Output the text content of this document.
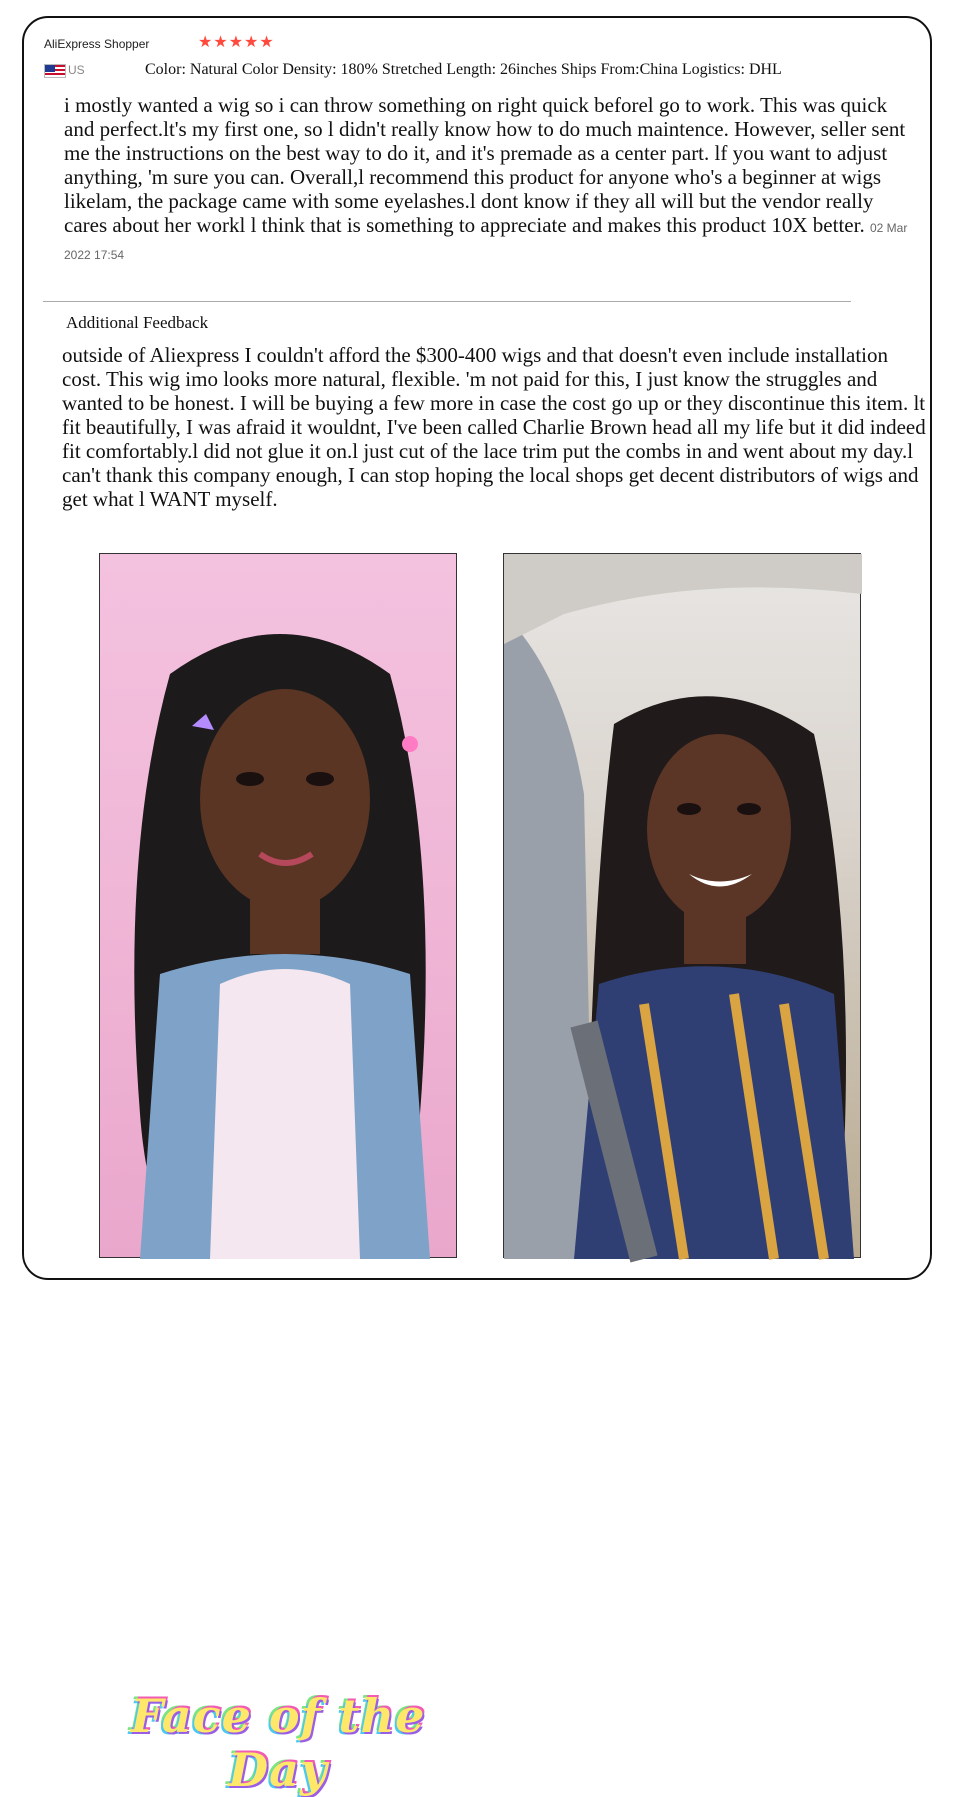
AliExpress Shopper	★ ★ ★ ★ ★
US	Color: Natural Color Density: 180% Stretched Length: 26inches Ships From:China Logistics: DHL

i mostly wanted a wig so i can throw something on right quick beforel go to work. This was quick and perfect.lt's my first one, so l didn't really know how to do much maintence. However, seller sent me the instructions on the best way to do it, and it's premade as a center part. lf you want to adjust anything, 'm sure you can. Overall,l recommend this product for anyone who's a beginner at wigs likelam, the package came with some eyelashes.l dont know if they all will but the vendor really cares about her workl l think that is something to appreciate and makes this product 10X better. 02 Mar 2022 17:54

Additional Feedback

outside of Aliexpress I couldn't afford the $300-400 wigs and that doesn't even include installation cost. This wig imo looks more natural, flexible. 'm not paid for this, I just know the struggles and wanted to be honest. I will be buying a few more in case the cost go up or they discontinue this item. lt fit beautifully, I was afraid it wouldnt, I've been called Charlie Brown head all my life but it did indeed fit comfortably.l did not glue it on.l just cut of the lace trim put the combs in and went about my day.l can't thank this company enough, I can stop hoping the local shops get decent distributors of wigs and get what l WANT myself.

Face of the Day
